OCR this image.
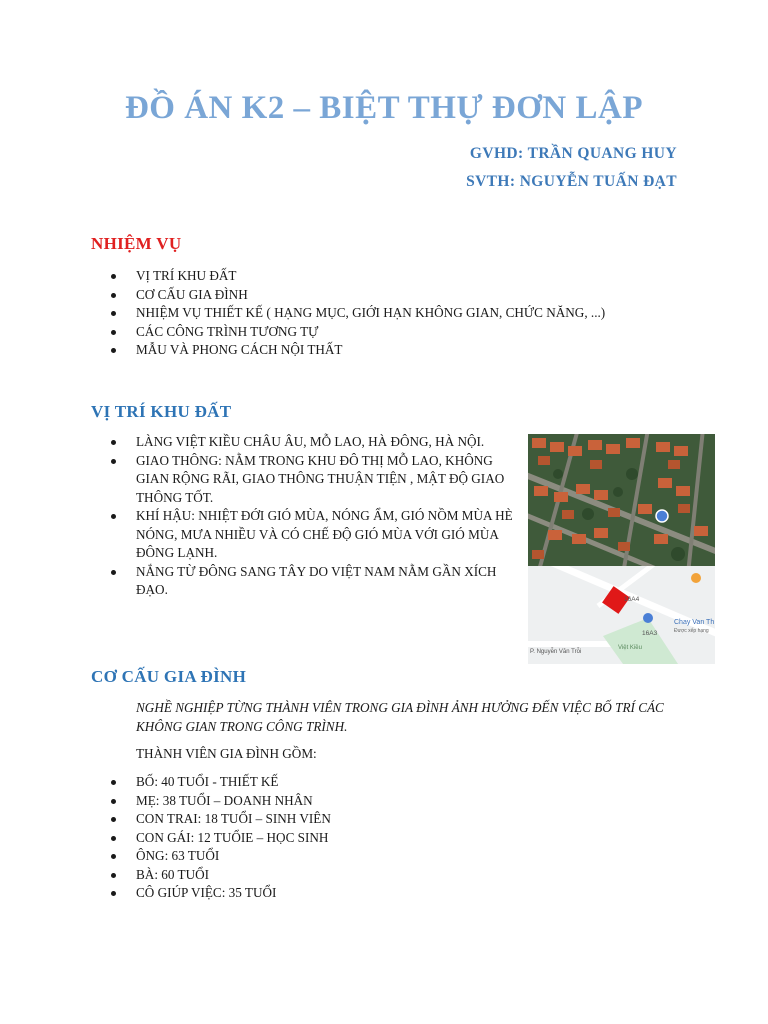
ĐỒ ÁN K2 – BIỆT THỰ ĐƠN LẬP
GVHD: TRẦN QUANG HUY
SVTH: NGUYỄN TUẤN ĐẠT
NHIỆM VỤ
VỊ TRÍ KHU ĐẤT
CƠ CẤU GIA ĐÌNH
NHIỆM VỤ THIẾT KẾ ( HẠNG MỤC, GIỚI HẠN KHÔNG GIAN, CHỨC NĂNG, ...)
CÁC CÔNG TRÌNH TƯƠNG TỰ
MẪU VÀ PHONG CÁCH NỘI THẤT
VỊ TRÍ KHU ĐẤT
LÀNG VIỆT KIỀU CHÂU ÂU, MỖ LAO, HÀ ĐÔNG, HÀ NỘI.
GIAO THÔNG: NẰM TRONG KHU ĐÔ THỊ MỖ LAO, KHÔNG GIAN RỘNG RÃI, GIAO THÔNG THUẬN TIỆN , MẬT ĐỘ GIAO THÔNG TỐT.
KHÍ HẬU: NHIỆT ĐỚI GIÓ MÙA, NÓNG ẨM, GIÓ NỒM MÙA HÈ NÓNG, MƯA NHIỀU VÀ CÓ CHẾ ĐỘ GIÓ MÙA VỚI GIÓ MÙA ĐÔNG LẠNH.
NẮNG TỪ ĐÔNG SANG TÂY DO VIỆT NAM NẰM GẦN XÍCH ĐẠO.
16A4
16A3
Chay Van Th
Được xếp hạng
P. Nguyễn Văn Trỗi
Việt Kiều
CƠ CẤU GIA ĐÌNH
NGHỀ NGHIỆP TỪNG THÀNH VIÊN TRONG GIA ĐÌNH ẢNH HƯỞNG ĐẾN VIỆC BỐ TRÍ CÁC KHÔNG GIAN TRONG CÔNG TRÌNH.
THÀNH VIÊN GIA ĐÌNH GỒM:
BỐ: 40 TUỔI - THIẾT KẾ
MẸ: 38 TUỔI – DOANH NHÂN
CON TRAI: 18 TUỔI – SINH VIÊN
CON GÁI: 12 TUỔIE – HỌC SINH
ÔNG: 63 TUỔI
BÀ: 60 TUỔI
CÔ GIÚP VIỆC: 35 TUỔI
